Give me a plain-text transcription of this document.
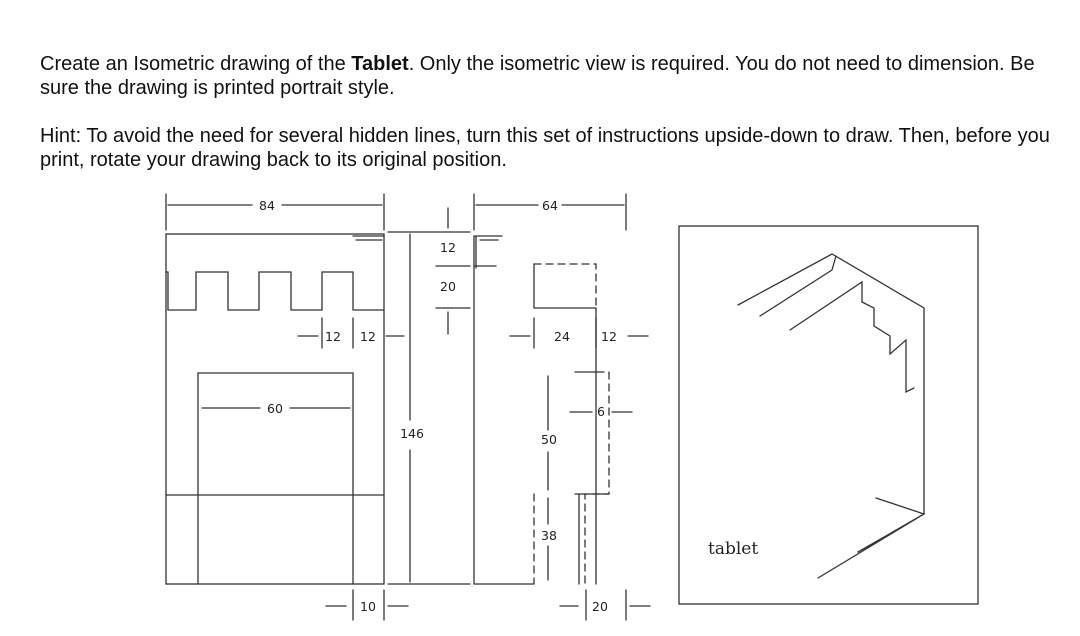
Create an Isometric drawing of the Tablet. Only the isometric view is required. You do not need to dimension. Be sure the drawing is printed portrait style.

Hint: To avoid the need for several hidden lines, turn this set of instructions upside-down to draw. Then, before you print, rotate your drawing back to its original position.

84
12 12
60
10
146
12
20
64
24 12
50
6
38
20
tablet
